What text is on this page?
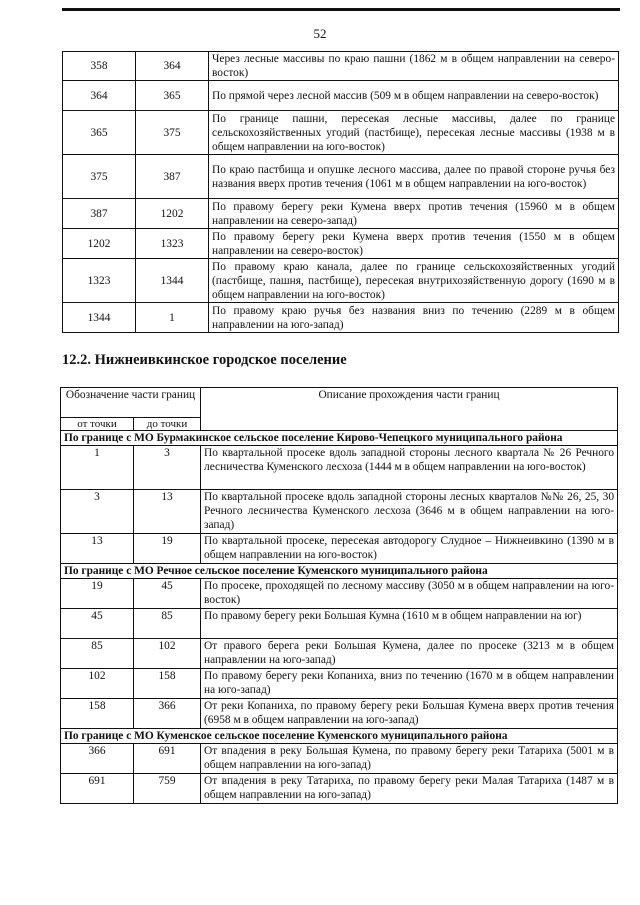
52
358	364	Через лесные массивы по краю пашни (1862 м в общем направлении на северо-восток)
364	365	По прямой через лесной массив (509 м в общем направлении на северо-восток)
365	375	По границе пашни, пересекая лесные массивы, далее по границе сельскохозяйственных угодий (пастбище), пересекая лесные массивы (1938 м в общем направлении на юго-восток)
375	387	По краю пастбища и опушке лесного массива, далее по правой стороне ручья без названия вверх против течения (1061 м в общем направлении на юго-восток)
387	1202	По правому берегу реки Кумена вверх против течения (15960 м в общем направлении на северо-запад)
1202	1323	По правому берегу реки Кумена вверх против течения (1550 м в общем направлении на северо-восток)
1323	1344	По правому краю канала, далее по границе сельскохозяйственных угодий (пастбище, пашня, пастбище), пересекая внутрихозяйственную дорогу (1690 м в общем направлении на юго-восток)
1344	1	По правому краю ручья без названия вниз по течению (2289 м в общем направлении на юго-запад)
12.2. Нижнеивкинское городское поселение
Обозначение части границ		Описание прохождения части границ
от точки	до точки	
По границе с МО Бурмакинское сельское поселение Кирово-Чепецкого муниципального района		
1	3	По квартальной просеке вдоль западной стороны лесного квартала № 26 Речного лесничества Куменского лесхоза (1444 м в общем направлении на юго-восток)
3	13	По квартальной просеке вдоль западной стороны лесных кварталов №№ 26, 25, 30 Речного лесничества Куменского лесхоза (3646 м в общем направлении на юго-запад)
13	19	По квартальной просеке, пересекая автодорогу Слудное – Нижнеивкино (1390 м в общем направлении на юго-восток)
По границе с МО Речное сельское поселение Куменского муниципального района		
19	45	По просеке, проходящей по лесному массиву (3050 м в общем направлении на юго-восток)
45	85	По правому берегу реки Большая Кумна (1610 м в общем направлении на юг)
85	102	От правого берега реки Большая Кумена, далее по просеке (3213 м в общем направлении на юго-запад)
102	158	По правому берегу реки Копаниха, вниз по течению (1670 м в общем направлении на юго-запад)
158	366	От реки Копаниха, по правому берегу реки Большая Кумена вверх против течения (6958 м в общем направлении на юго-запад)
По границе с МО Куменское сельское поселение Куменского муниципального района		
366	691	От впадения в реку Большая Кумена, по правому берегу реки Татариха (5001 м в общем направлении на юго-запад)
691	759	От впадения в реку Татариха, по правому берегу реки Малая Татариха (1487 м в общем направлении на юго-запад)
